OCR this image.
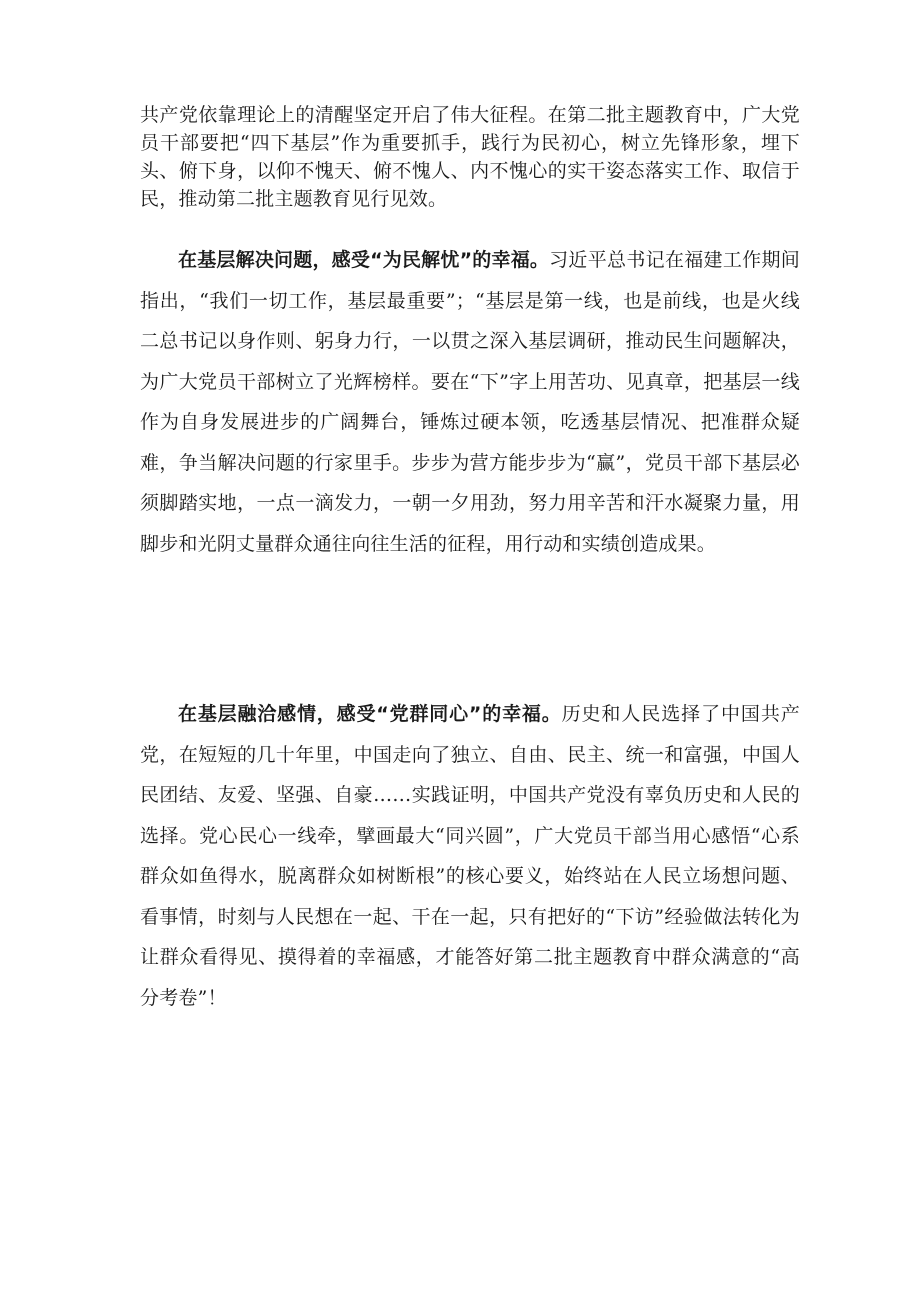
共产党依靠理论上的清醒坚定开启了伟大征程。在第二批主题教育中，广大党员干部要把“四下基层”作为重要抓手，践行为民初心，树立先锋形象，埋下头、俯下身，以仰不愧天、俯不愧人、内不愧心的实干姿态落实工作、取信于民，推动第二批主题教育见行见效。

在基层解决问题，感受“为民解忧”的幸福。习近平总书记在福建工作期间指出，“我们一切工作，基层最重要”；“基层是第一线，也是前线，也是火线二总书记以身作则、躬身力行，一以贯之深入基层调研，推动民生问题解决，为广大党员干部树立了光辉榜样。要在“下”字上用苦功、见真章，把基层一线作为自身发展进步的广阔舞台，锤炼过硬本领，吃透基层情况、把准群众疑难，争当解决问题的行家里手。步步为营方能步步为“赢”，党员干部下基层必须脚踏实地，一点一滴发力，一朝一夕用劲，努力用辛苦和汗水凝聚力量，用脚步和光阴丈量群众通往向往生活的征程，用行动和实绩创造成果。

在基层融洽感情，感受“党群同心”的幸福。历史和人民选择了中国共产党，在短短的几十年里，中国走向了独立、自由、民主、统一和富强，中国人民团结、友爱、坚强、自豪……实践证明，中国共产党没有辜负历史和人民的选择。党心民心一线牵，擘画最大“同兴圆”，广大党员干部当用心感悟“心系群众如鱼得水，脱离群众如树断根”的核心要义，始终站在人民立场想问题、看事情，时刻与人民想在一起、干在一起，只有把好的“下访”经验做法转化为让群众看得见、摸得着的幸福感，才能答好第二批主题教育中群众满意的“高分考卷”！
